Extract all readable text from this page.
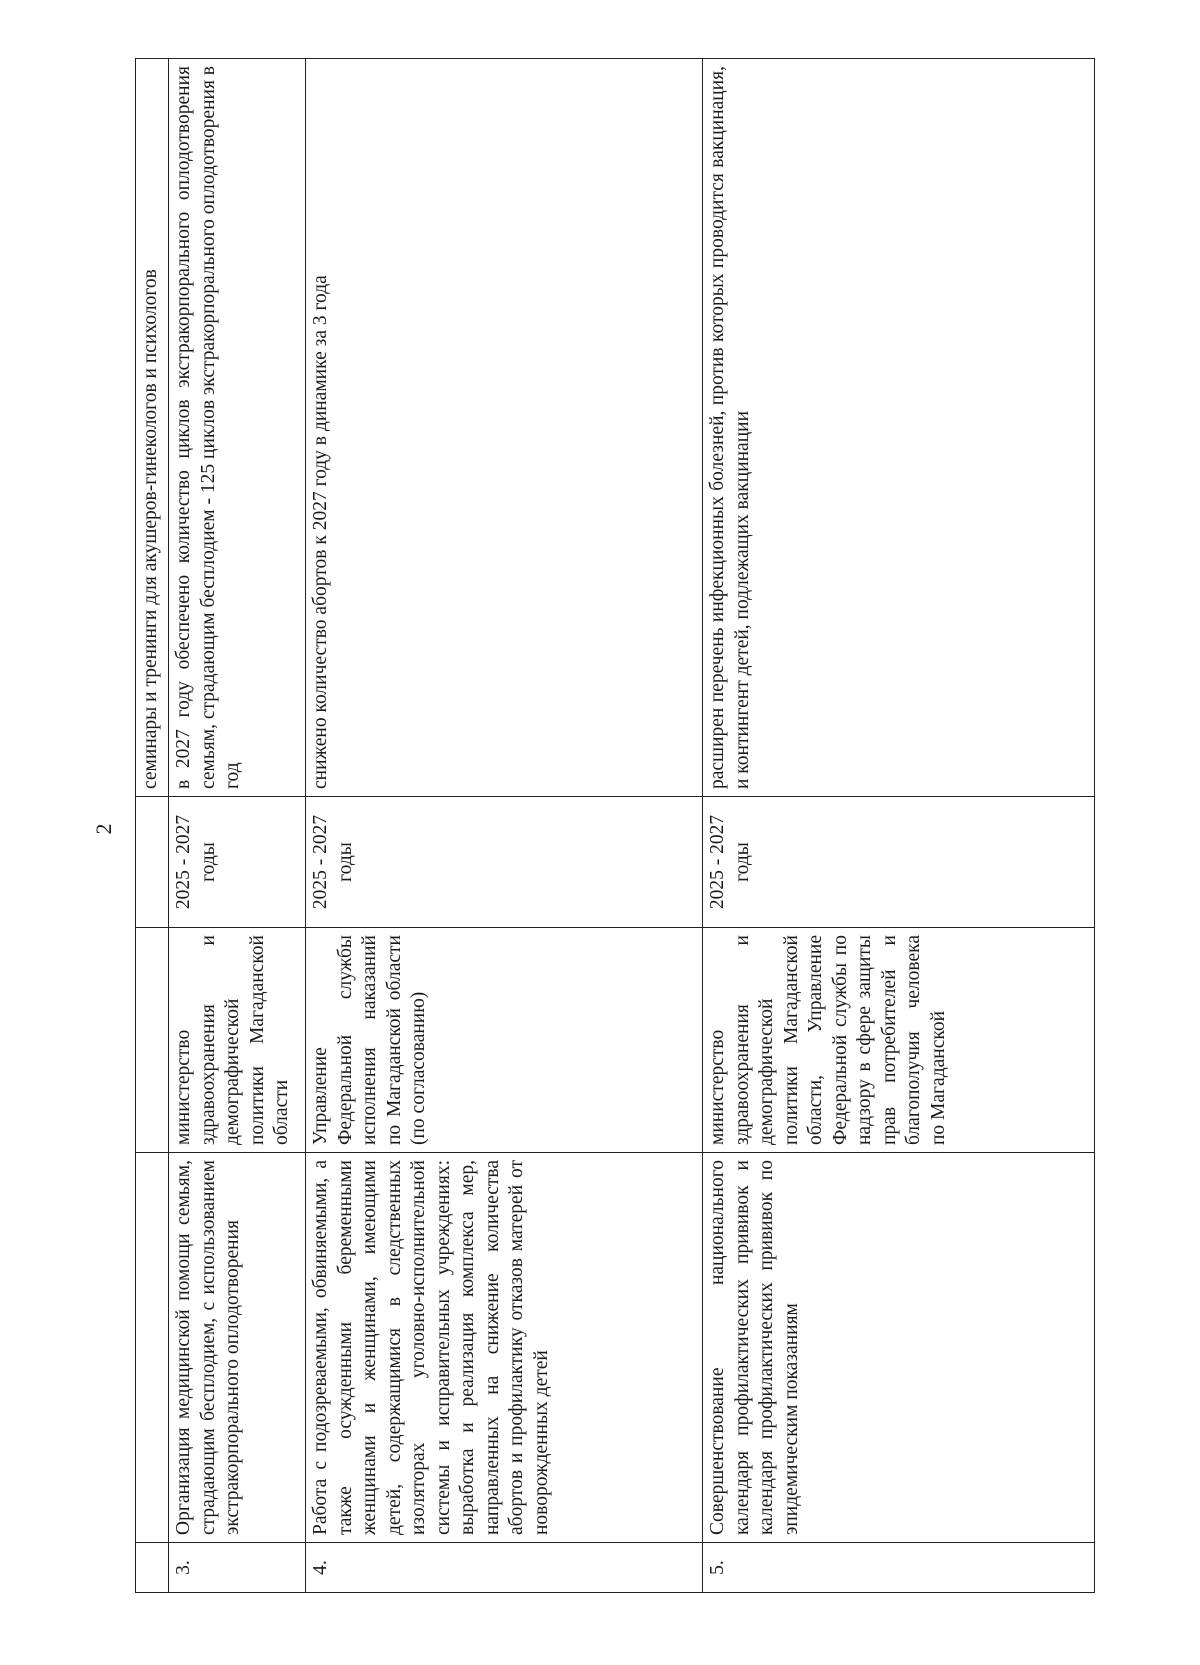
2
				семинары и тренинги для акушеров-гинекологов и психологов
3.	Организация медицинской помощи семьям, страдающим бесплодием, с использованием экстракорпорального оплодотворения	министерство здравоохранения и демографической политики Магаданской области	2025 - 2027 годы	в 2027 году обеспечено количество циклов экстракорпорального оплодотворения семьям, страдающим бесплодием - 125 циклов экстракорпорального оплодотворения в год
4.	Работа с подозреваемыми, обвиняемыми, а также осужденными беременными женщинами и женщинами, имеющими детей, содержащимися в следственных изоляторах уголовно-исполнительной системы и исправительных учреждениях: выработка и реализация комплекса мер, направленных на снижение количества абортов и профилактику отказов матерей от новорожденных детей	Управление Федеральной службы исполнения наказаний по Магаданской области (по согласованию)	2025 - 2027 годы	снижено количество абортов к 2027 году в динамике за 3 года
5.	Совершенствование национального календаря профилактических прививок и календаря профилактических прививок по эпидемическим показаниям	министерство здравоохранения и демографической политики Магаданской области, Управление Федеральной службы по надзору в сфере защиты прав потребителей и благополучия человека по Магаданской	2025 - 2027 годы	расширен перечень инфекционных болезней, против которых проводится вакцинация, и контингент детей, подлежащих вакцинации
